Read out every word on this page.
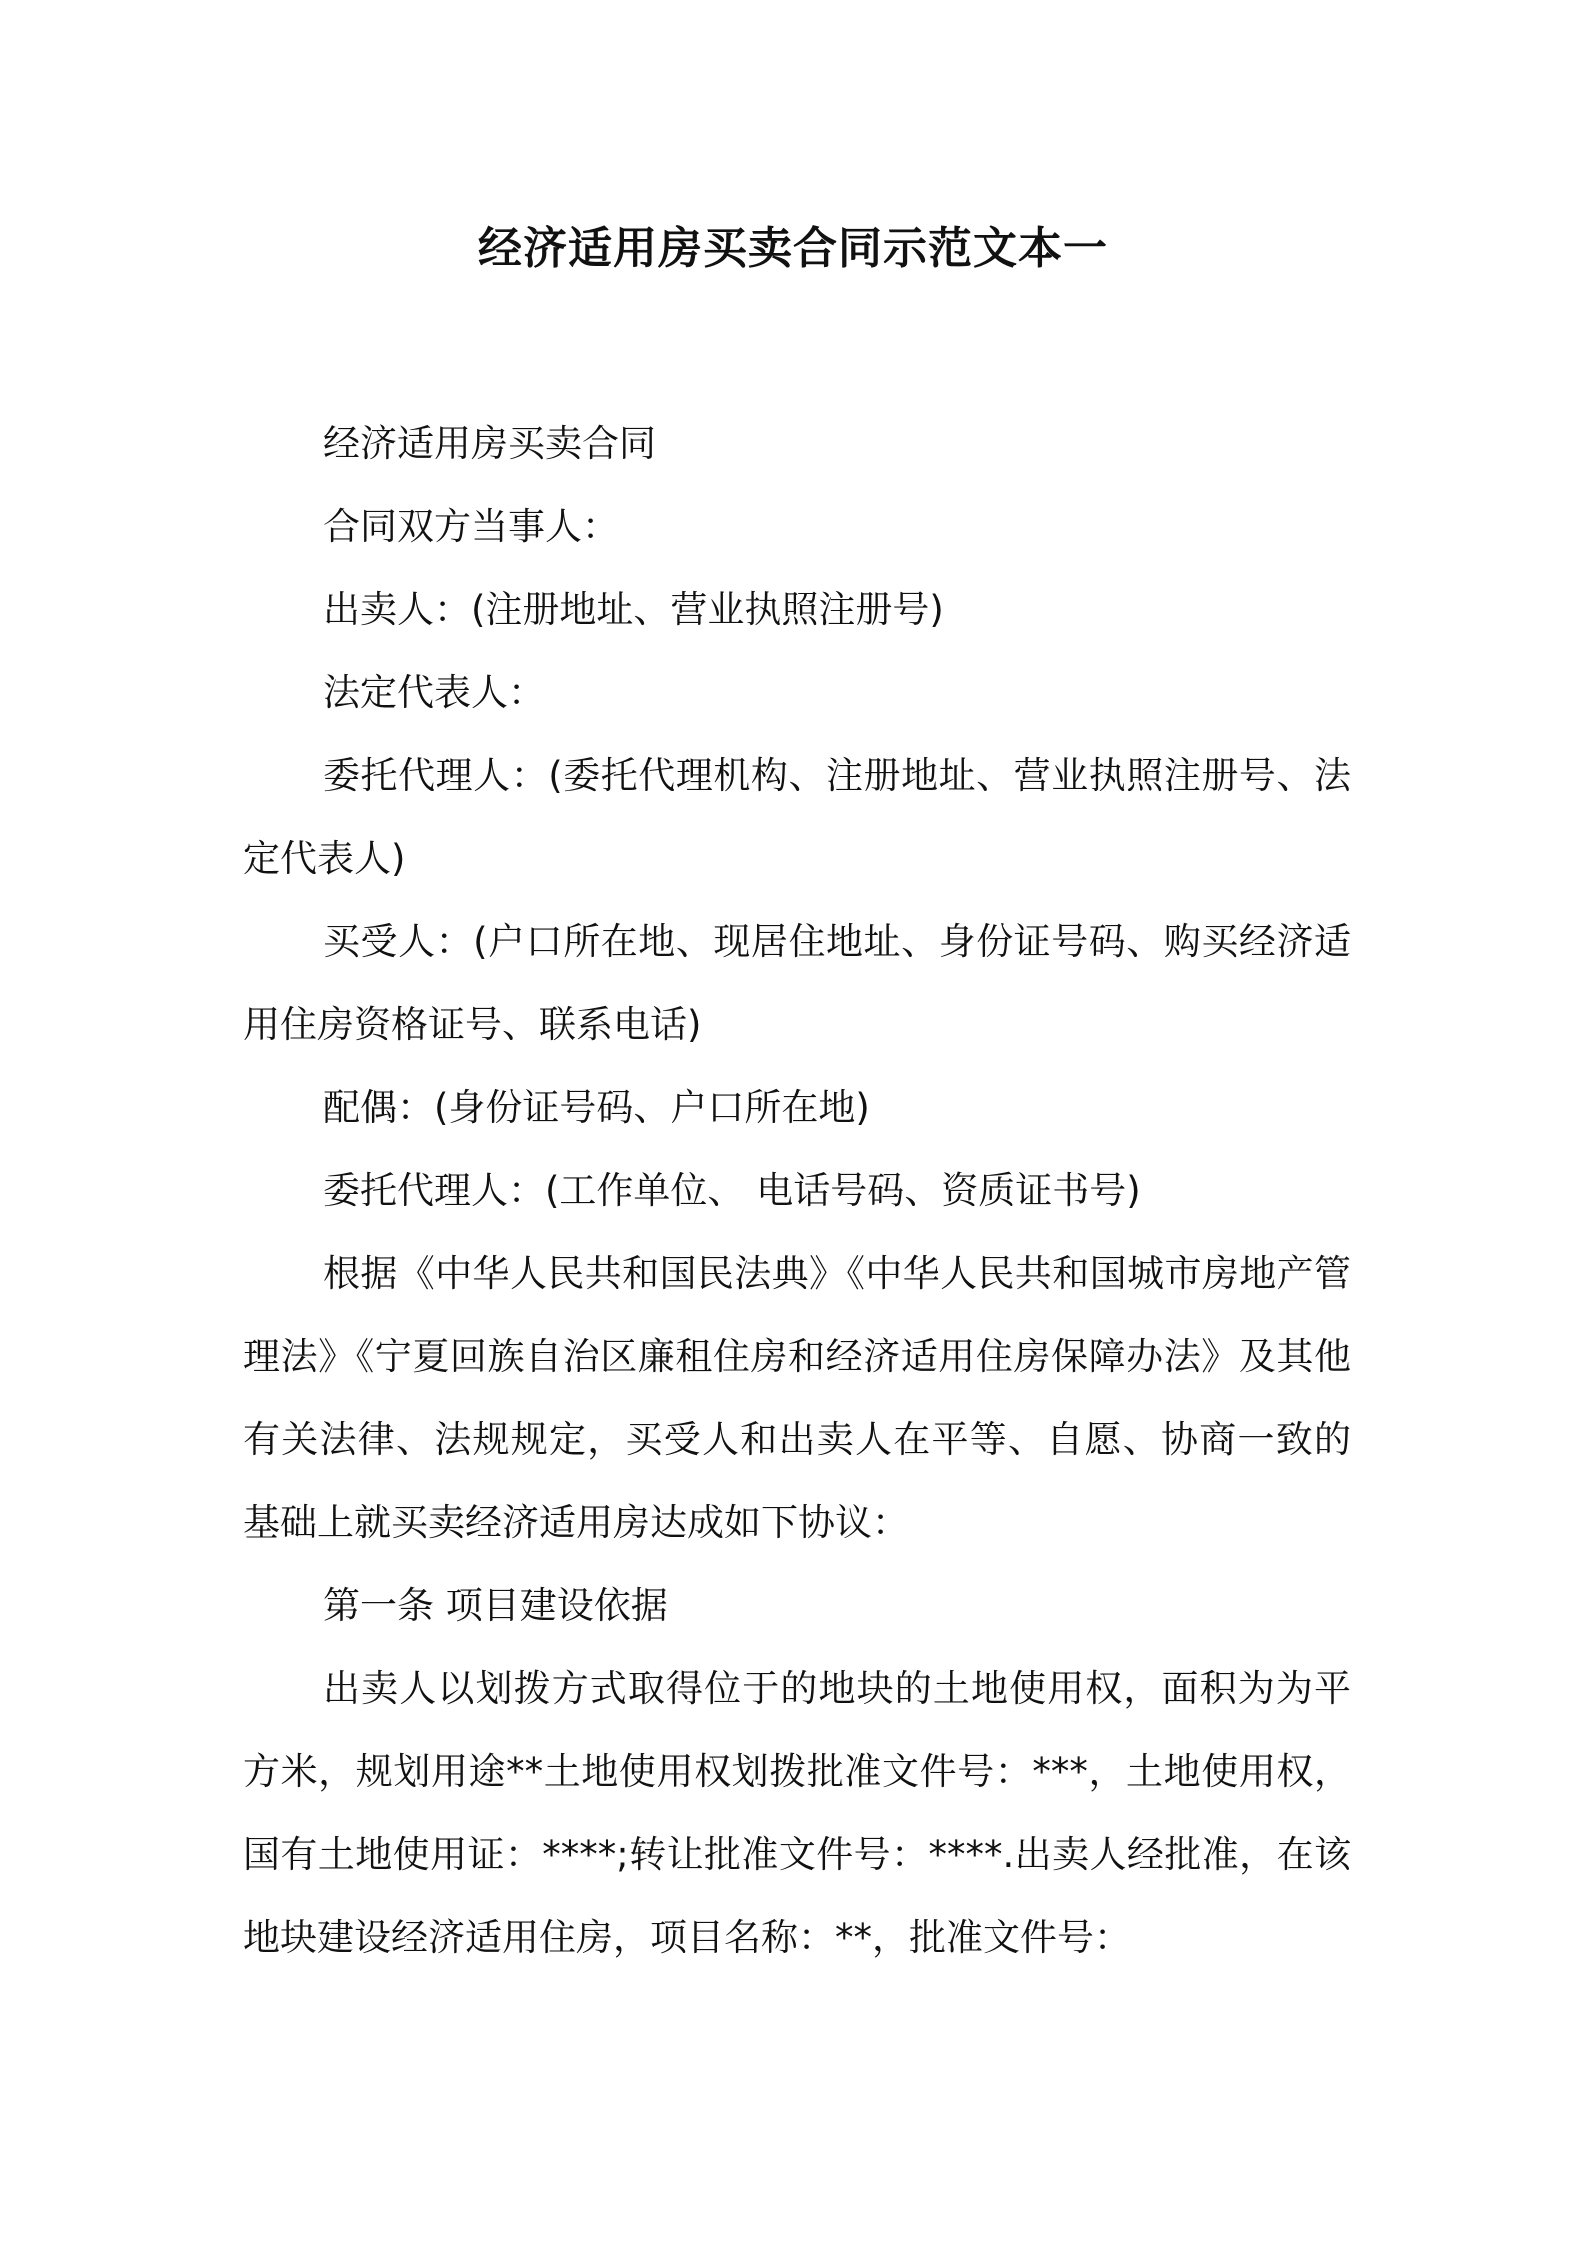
经济适用房买卖合同示范文本一

经济适用房买卖合同

合同双方当事人：

出卖人：(注册地址、营业执照注册号)

法定代表人：

委托代理人：(委托代理机构、注册地址、营业执照注册号、法定代表人)

买受人：(户口所在地、现居住地址、身份证号码、购买经济适用住房资格证号、联系电话)

配偶：(身份证号码、户口所在地)

委托代理人：(工作单位、 电话号码、资质证书号)

根据《中华人民共和国民法典》《中华人民共和国城市房地产管理法》《宁夏回族自治区廉租住房和经济适用住房保障办法》及其他有关法律、法规规定，买受人和出卖人在平等、自愿、协商一致的基础上就买卖经济适用房达成如下协议：

第一条 项目建设依据

出卖人以划拨方式取得位于的地块的土地使用权，面积为为平方米，规划用途**土地使用权划拨批准文件号：***，土地使用权，国有土地使用证：****;转让批准文件号：****.出卖人经批准，在该地块建设经济适用住房，项目名称：**，批准文件号：
